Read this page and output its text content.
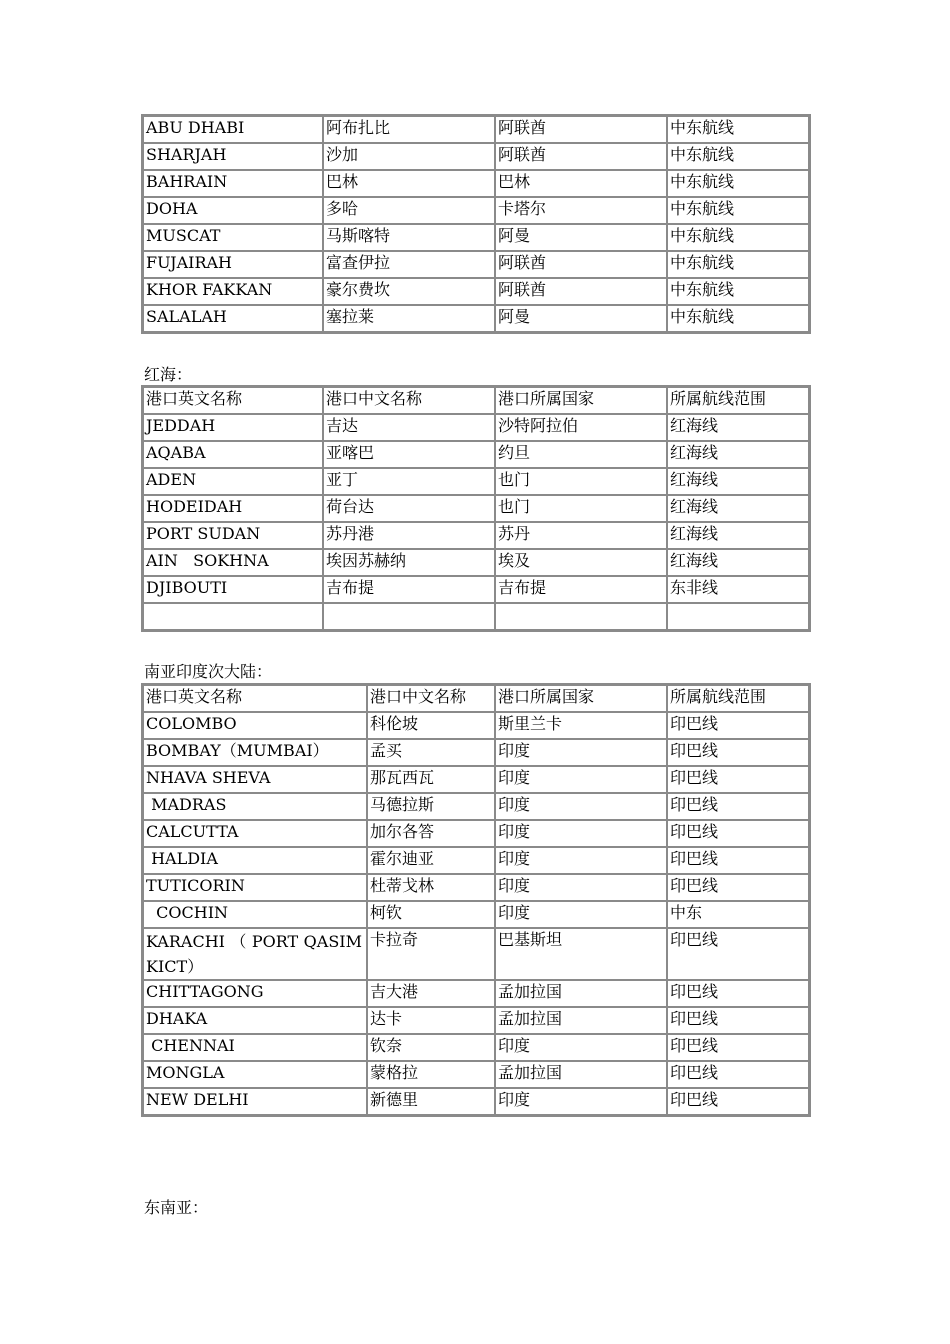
ABU DHABI	阿布扎比	阿联酋	中东航线
SHARJAH	沙加	阿联酋	中东航线
BAHRAIN	巴林	巴林	中东航线
DOHA	多哈	卡塔尔	中东航线
MUSCAT	马斯喀特	阿曼	中东航线
FUJAIRAH	富查伊拉	阿联酋	中东航线
KHOR FAKKAN	豪尔费坎	阿联酋	中东航线
SALALAH	塞拉莱	阿曼	中东航线
红海：
港口英文名称	港口中文名称	港口所属国家	所属航线范围
JEDDAH	吉达	沙特阿拉伯	红海线
AQABA	亚喀巴	约旦	红海线
ADEN	亚丁	也门	红海线
HODEIDAH	荷台达	也门	红海线
PORT SUDAN	苏丹港	苏丹	红海线
AIN   SOKHNA	埃因苏赫纳	埃及	红海线
DJIBOUTI	吉布提	吉布提	东非线

南亚印度次大陆：
港口英文名称	港口中文名称	港口所属国家	所属航线范围
COLOMBO	科伦坡	斯里兰卡	印巴线
BOMBAY（MUMBAI）	孟买	印度	印巴线
NHAVA SHEVA	那瓦西瓦	印度	印巴线
MADRAS	马德拉斯	印度	印巴线
CALCUTTA	加尔各答	印度	印巴线
HALDIA	霍尔迪亚	印度	印巴线
TUTICORIN	杜蒂戈林	印度	印巴线
COCHIN	柯钦	印度	中东

KARACHI （ PORT QASIM
KICT）	卡拉奇	巴基斯坦	印巴线
CHITTAGONG	吉大港	孟加拉国	印巴线
DHAKA	达卡	孟加拉国	印巴线
CHENNAI	钦奈	印度	印巴线
MONGLA	蒙格拉	孟加拉国	印巴线
NEW DELHI	新德里	印度	印巴线
东南亚：
